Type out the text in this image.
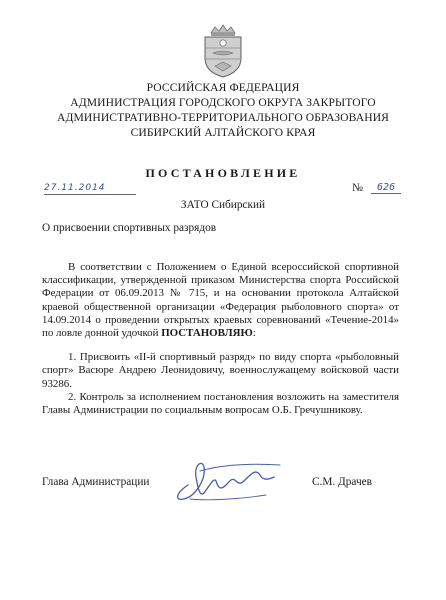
РОССИЙСКАЯ ФЕДЕРАЦИЯ
АДМИНИСТРАЦИЯ ГОРОДСКОГО ОКРУГА ЗАКРЫТОГО
АДМИНИСТРАТИВНО-ТЕРРИТОРИАЛЬНОГО ОБРАЗОВАНИЯ
СИБИРСКИЙ АЛТАЙСКОГО КРАЯ
ПОСТАНОВЛЕНИЕ
27.11.2014	№	626
ЗАТО Сибирский
О присвоении спортивных разрядов

В соответствии с Положением о Единой всероссийской спортивной классификации, утвержденной приказом Министерства спорта Российской Федерации от 06.09.2013 № 715, и на основании протокола Алтайской краевой общественной организации «Федерация рыболовного спорта» от 14.09.2014 о проведении открытых краевых соревнований «Течение-2014» по ловле донной удочкой ПОСТАНОВЛЯЮ:

1. Присвоить «II-й спортивный разряд» по виду спорта «рыболовный спорт» Васюре Андрею Леонидовичу, военнослужащему войсковой части 93286.

2. Контроль за исполнением постановления возложить на заместителя Главы Администрации по социальным вопросам О.Б. Гречушникову.

Глава Администрации	С.М. Драчев
